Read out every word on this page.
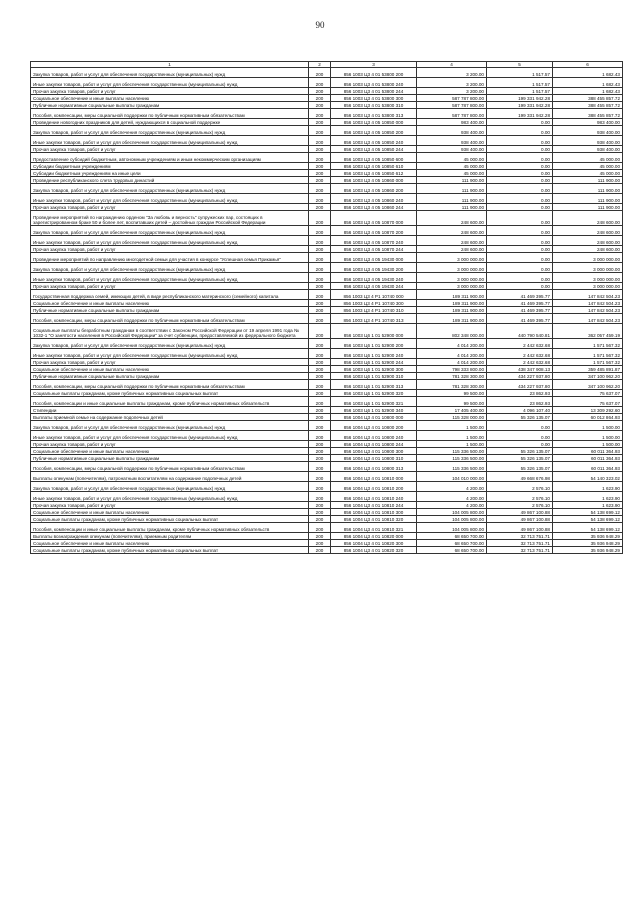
90
1	2	3	4	5	6
Закупка товаров, работ и услуг для обеспечения государственных (муниципальных) нужд	200	856 1003 Ц3 4 01 53800 200	3 200.00	1 517.57	1 682.43
Иные закупки товаров, работ и услуг для обеспечения государственных (муниципальных) нужд	200	856 1003 Ц3 4 01 53800 240	3 200.00	1 517.57	1 682.43
Прочая закупка товаров, работ и услуг	200	856 1003 Ц3 4 01 53800 244	3 200.00	1 517.57	1 682.43
Социальное обеспечение и иные выплаты населению	200	856 1003 Ц3 4 01 53800 300	587 787 800.00	199 331 942.28	388 455 857.72
Публичные нормативные социальные выплаты гражданам	200	856 1003 Ц3 4 01 53800 310	587 787 800.00	199 331 942.28	388 455 857.72
Пособия, компенсации, меры социальной поддержки по публичным нормативным обязательствам	200	856 1003 Ц3 4 01 53800 313	587 787 800.00	199 331 942.28	388 455 857.72
Проведение новогодних праздников для детей, нуждающихся в социальной поддержке	200	856 1003 Ц3 4 05 10850 000	983 400.00	0.00	983 400.00
Закупка товаров, работ и услуг для обеспечения государственных (муниципальных) нужд	200	856 1003 Ц3 4 05 10850 200	938 400.00	0.00	938 400.00
Иные закупки товаров, работ и услуг для обеспечения государственных (муниципальных) нужд	200	856 1003 Ц3 4 05 10850 240	938 400.00	0.00	938 400.00
Прочая закупка товаров, работ и услуг	200	856 1003 Ц3 4 05 10850 244	938 400.00	0.00	938 400.00
Предоставление субсидий бюджетным, автономным учреждениям и иным некоммерческим организациям	200	856 1003 Ц3 4 05 10850 600	45 000.00	0.00	45 000.00
Субсидии бюджетным учреждениям	200	856 1003 Ц3 4 05 10850 610	45 000.00	0.00	45 000.00
Субсидии бюджетным учреждениям на иные цели	200	856 1003 Ц3 4 05 10850 612	45 000.00	0.00	45 000.00
Проведение республиканского слета трудовых династий	200	856 1003 Ц3 4 05 10860 000	111 900.00	0.00	111 900.00
Закупка товаров, работ и услуг для обеспечения государственных (муниципальных) нужд	200	856 1003 Ц3 4 05 10860 200	111 900.00	0.00	111 900.00
Иные закупки товаров, работ и услуг для обеспечения государственных (муниципальных) нужд	200	856 1003 Ц3 4 05 10860 240	111 900.00	0.00	111 900.00
Прочая закупка товаров, работ и услуг	200	856 1003 Ц3 4 05 10860 244	111 900.00	0.00	111 900.00
Проведение мероприятий по награждению орденом "За любовь и верность" супружеских пар, состоящих в зарегистрированном браке 50 и более лет, воспитавших детей – достойных граждан Российской Федерации	200	856 1003 Ц3 4 05 10870 000	248 600.00	0.00	248 600.00
Закупка товаров, работ и услуг для обеспечения государственных (муниципальных) нужд	200	856 1003 Ц3 4 05 10870 200	248 600.00	0.00	248 600.00
Иные закупки товаров, работ и услуг для обеспечения государственных (муниципальных) нужд	200	856 1003 Ц3 4 05 10870 240	248 600.00	0.00	248 600.00
Прочая закупка товаров, работ и услуг	200	856 1003 Ц3 4 05 10870 244	248 600.00	0.00	248 600.00
Проведение мероприятий по направлению многодетной семьи для участия в конкурсе "Успешная семья Прикамья"	200	856 1003 Ц3 4 05 19430 000	3 000 000.00	0.00	3 000 000.00
Закупка товаров, работ и услуг для обеспечения государственных (муниципальных) нужд	200	856 1003 Ц3 4 05 19430 200	3 000 000.00	0.00	3 000 000.00
Иные закупки товаров, работ и услуг для обеспечения государственных (муниципальных) нужд	200	856 1003 Ц3 4 05 19430 240	3 000 000.00	0.00	3 000 000.00
Прочая закупка товаров, работ и услуг	200	856 1003 Ц3 4 05 19430 244	3 000 000.00	0.00	3 000 000.00
Государственная поддержка семей, имеющих детей, в виде республиканского материнского (семейного) капитала	200	856 1003 Ц3 4 Р1 10740 000	189 311 900.00	41 469 395.77	147 842 504.23
Социальное обеспечение и иные выплаты населению	200	856 1003 Ц3 4 Р1 10740 300	189 311 900.00	41 469 395.77	147 842 504.23
Публичные нормативные социальные выплаты гражданам	200	856 1003 Ц3 4 Р1 10740 310	189 311 900.00	41 469 395.77	147 842 504.23
Пособия, компенсации, меры социальной поддержки по публичным нормативным обязательствам	200	856 1003 Ц3 4 Р1 10740 313	189 311 900.00	41 469 395.77	147 842 504.23
Социальные выплаты безработным гражданам в соответствии с Законом Российской Федерации от 19 апреля 1991 года № 1032-1 "О занятости населения в Российской Федерации" за счет субвенции, предоставляемой из федерального бюджета	200	856 1003 Ц6 1 01 52900 000	802 348 000.00	440 790 540.81	362 057 459.19
Закупка товаров, работ и услуг для обеспечения государственных (муниципальных) нужд	200	856 1003 Ц6 1 01 52900 200	4 014 200.00	2 442 632.68	1 571 567.32
Иные закупки товаров, работ и услуг для обеспечения государственных (муниципальных) нужд	200	856 1003 Ц6 1 01 52900 240	4 014 200.00	2 442 632.68	1 571 567.32
Прочая закупка товаров, работ и услуг	200	856 1003 Ц6 1 01 52900 244	4 014 200.00	2 442 632.68	1 571 567.32
Социальное обеспечение и иные выплаты населению	200	856 1003 Ц6 1 01 52900 300	798 333 800.00	438 347 908.13	359 485 891.87
Публичные нормативные социальные выплаты гражданам	200	856 1003 Ц6 1 01 52900 310	781 328 300.00	434 227 937.80	347 100 962.20
Пособия, компенсации, меры социальной поддержки по публичным нормативным обязательствам	200	856 1003 Ц6 1 01 52900 313	781 328 300.00	434 227 937.80	347 100 962.20
Социальные выплаты гражданам, кроме публичных нормативных социальных выплат	200	856 1003 Ц6 1 01 52900 320	99 500.00	23 862.93	75 637.07
Пособия, компенсации и иные социальные выплаты гражданам, кроме публичных нормативных обязательств	200	856 1003 Ц6 1 01 52900 321	99 500.00	23 862.93	75 637.07
Стипендии	200	856 1003 Ц6 1 01 52900 340	17 405 400.00	4 096 107.40	13 309 292.60
Выплаты приемной семье на содержание подопечных детей	200	856 1004 Ц3 4 01 10800 000	115 328 000.00	55 326 135.07	60 012 864.93
Закупка товаров, работ и услуг для обеспечения государственных (муниципальных) нужд	200	856 1004 Ц3 4 01 10800 200	1 500.00	0.00	1 500.00
Иные закупки товаров, работ и услуг для обеспечения государственных (муниципальных) нужд	200	856 1004 Ц3 4 01 10800 240	1 500.00	0.00	1 500.00
Прочая закупка товаров, работ и услуг	200	856 1004 Ц3 4 01 10800 244	1 500.00	0.00	1 500.00
Социальное обеспечение и иные выплаты населению	200	856 1004 Ц3 4 01 10800 300	115 336 500.00	55 326 135.07	60 011 364.93
Публичные нормативные социальные выплаты гражданам	200	856 1004 Ц3 4 01 10800 310	115 336 500.00	55 326 135.07	60 011 364.93
Пособия, компенсации, меры социальной поддержки по публичным нормативным обязательствам	200	856 1004 Ц3 4 01 10800 313	115 336 500.00	55 326 135.07	60 011 364.93
Выплаты опекунам (попечителям), патронатным воспитателям на содержание подопечных детей	200	856 1004 Ц3 4 01 10810 000	104 010 000.00	49 668 676.98	54 140 323.02
Закупка товаров, работ и услуг для обеспечения государственных (муниципальных) нужд	200	856 1004 Ц3 4 01 10810 200	4 200.00	2 576.10	1 623.90
Иные закупки товаров, работ и услуг для обеспечения государственных (муниципальных) нужд	200	856 1004 Ц3 4 01 10810 240	4 200.00	2 576.10	1 623.90
Прочая закупка товаров, работ и услуг	200	856 1004 Ц3 4 01 10810 244	4 200.00	2 576.10	1 623.90
Социальное обеспечение и иные выплаты населению	200	856 1004 Ц3 4 01 10810 300	104 005 800.00	49 867 100.88	54 138 699.12
Социальные выплаты гражданам, кроме публичных нормативных социальных выплат	200	856 1004 Ц3 4 01 10810 320	104 005 800.00	49 867 100.88	54 138 699.12
Пособия, компенсации и иные социальные выплаты гражданам, кроме публичных нормативных обязательств	200	856 1004 Ц3 4 01 10810 321	104 005 800.00	49 867 100.88	54 138 699.12
Выплаты вознаграждения опекунам (попечителям), приемным родителям	200	856 1004 Ц3 4 01 10820 000	68 650 700.00	32 713 751.71	35 936 948.29
Социальное обеспечение и иные выплаты населению	200	856 1004 Ц3 4 01 10820 300	68 650 700.00	32 713 751.71	35 936 948.29
Социальные выплаты гражданам, кроме публичных нормативных социальных выплат	200	856 1004 Ц3 4 01 10820 320	68 650 700.00	32 713 751.71	35 936 948.29
